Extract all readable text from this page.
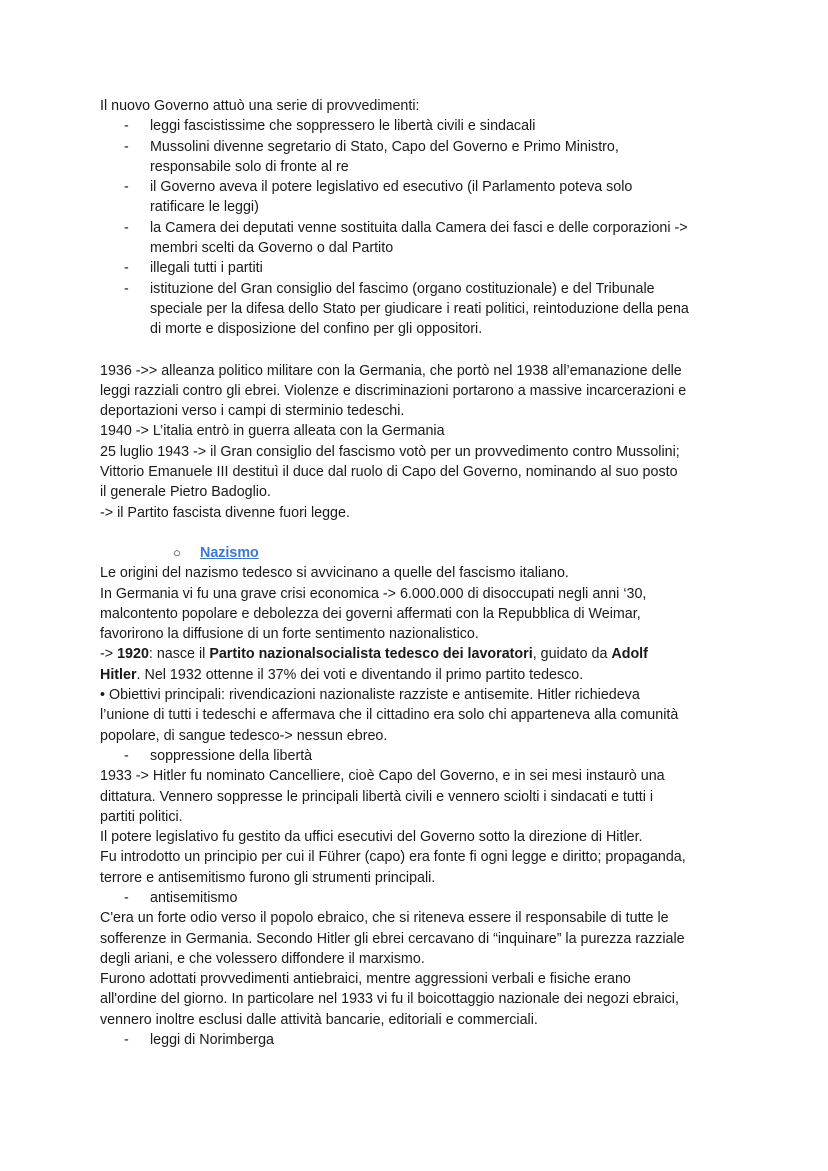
Il nuovo Governo attuò una serie di provvedimenti:

- leggi fascistissime che soppressero le libertà civili e sindacali

- Mussolini divenne segretario di Stato, Capo del Governo e Primo Ministro,

responsabile solo di fronte al re

- il Governo aveva il potere legislativo ed esecutivo (il Parlamento poteva solo

ratificare le leggi)

- la Camera dei deputati venne sostituita dalla Camera dei fasci e delle corporazioni ->

membri scelti da Governo o dal Partito

- illegali tutti i partiti

- istituzione del Gran consiglio del fascimo (organo costituzionale) e del Tribunale

speciale per la difesa dello Stato per giudicare i reati politici, reintoduzione della pena

di morte e disposizione del confino per gli oppositori.

1936 ->> alleanza politico militare con la Germania, che portò nel 1938 all’emanazione delle

leggi razziali contro gli ebrei. Violenze e discriminazioni portarono a massive incarcerazioni e

deportazioni verso i campi di sterminio tedeschi.

1940 -> L’italia entrò in guerra alleata con la Germania

25 luglio 1943 -> il Gran consiglio del fascismo votò per un provvedimento contro Mussolini;

Vittorio Emanuele III destituì il duce dal ruolo di Capo del Governo, nominando al suo posto

il generale Pietro Badoglio.

-> il Partito fascista divenne fuori legge.

○ Nazismo

Le origini del nazismo tedesco si avvicinano a quelle del fascismo italiano.

In Germania vi fu una grave crisi economica -> 6.000.000 di disoccupati negli anni ‘30,

malcontento popolare e debolezza dei governi affermati con la Repubblica di Weimar,

favorirono la diffusione di un forte sentimento nazionalistico.

-> 1920: nasce il Partito nazionalsocialista tedesco dei lavoratori, guidato da Adolf

Hitler. Nel 1932 ottenne il 37% dei voti e diventando il primo partito tedesco.

• Obiettivi principali: rivendicazioni nazionaliste razziste e antisemite. Hitler richiedeva

l’unione di tutti i tedeschi e affermava che il cittadino era solo chi apparteneva alla comunità

popolare, di sangue tedesco-> nessun ebreo.

- soppressione della libertà

1933 -> Hitler fu nominato Cancelliere, cioè Capo del Governo, e in sei mesi instaurò una

dittatura. Vennero soppresse le principali libertà civili e vennero sciolti i sindacati e tutti i

partiti politici.

Il potere legislativo fu gestito da uffici esecutivi del Governo sotto la direzione di Hitler.

Fu introdotto un principio per cui il Führer (capo) era fonte fi ogni legge e diritto; propaganda,

terrore e antisemitismo furono gli strumenti principali.

- antisemitismo

C'era un forte odio verso il popolo ebraico, che si riteneva essere il responsabile di tutte le

sofferenze in Germania. Secondo Hitler gli ebrei cercavano di “inquinare” la purezza razziale

degli ariani, e che volessero diffondere il marxismo.

Furono adottati provvedimenti antiebraici, mentre aggressioni verbali e fisiche erano

all'ordine del giorno. In particolare nel 1933 vi fu il boicottaggio nazionale dei negozi ebraici,

vennero inoltre esclusi dalle attività bancarie, editoriali e commerciali.

- leggi di Norimberga
